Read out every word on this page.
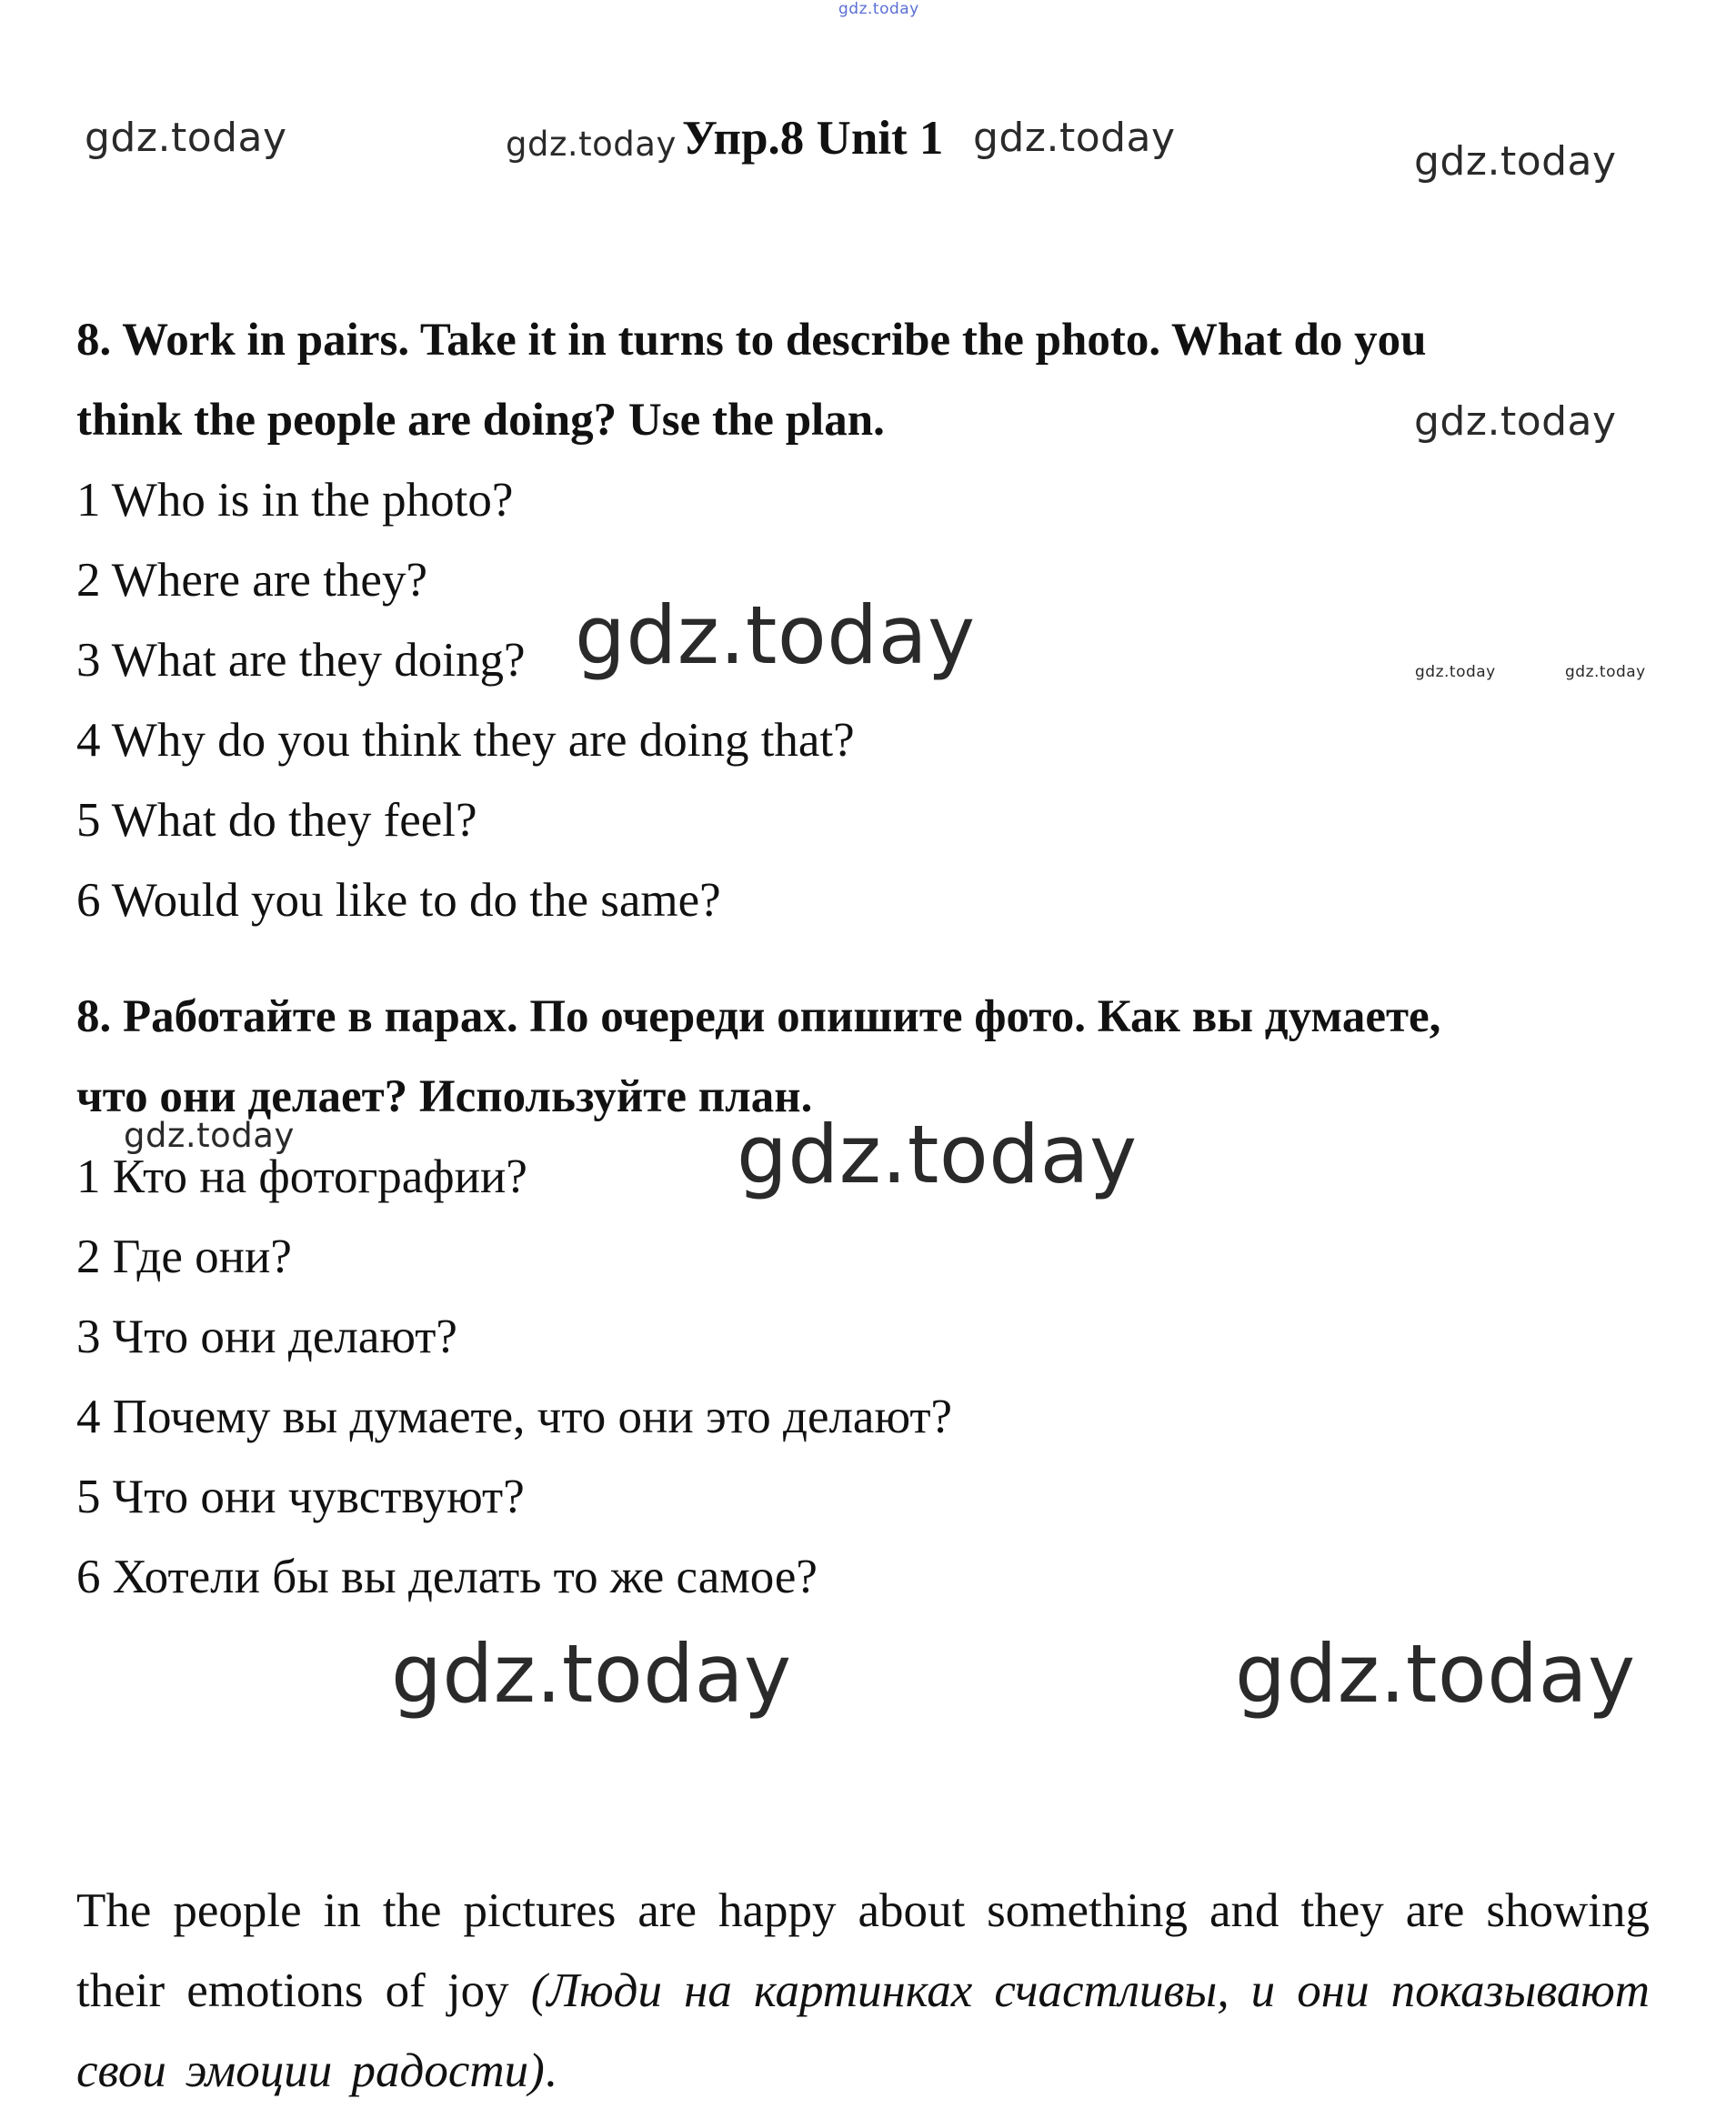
gdz.today
gdz.today	gdz.today	gdz.today
gdz.today
gdz.today
gdz.today	gdz.today	gdz.today
gdz.today	gdz.today
gdz.today	gdz.today
Упр.8 Unit 1

8. Work in pairs. Take it in turns to describe the photo. What do you
think the people are doing? Use the plan.

1 Who is in the photo?
2 Where are they?
3 What are they doing?
4 Why do you think they are doing that?
5 What do they feel?
6 Would you like to do the same?

8. Работайте в парах. По очереди опишите фото. Как вы думаете,
что они делает? Используйте план.

1 Кто на фотографии?
2 Где они?
3 Что они делают?
4 Почему вы думаете, что они это делают?
5 Что они чувствуют?
6 Хотели бы вы делать то же самое?

The people in the pictures are happy about something and they are showing their emotions of joy (Люди на картинках счастливы, и они показывают свои эмоции радости).
